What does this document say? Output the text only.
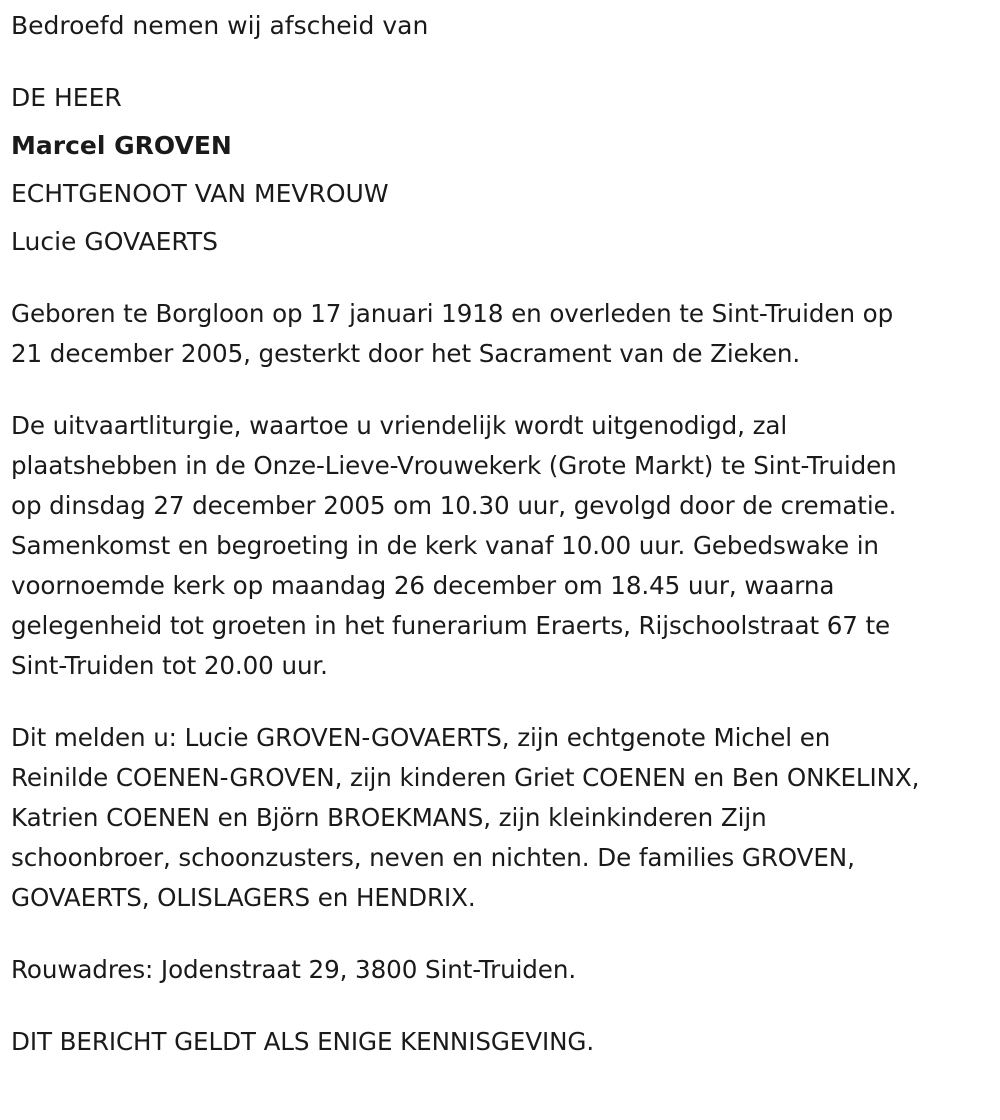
Bedroefd nemen wij afscheid van
DE HEER
Marcel GROVEN
ECHTGENOOT VAN MEVROUW
Lucie GOVAERTS
Geboren te Borgloon op 17 januari 1918 en overleden te Sint-Truiden op
21 december 2005, gesterkt door het Sacrament van de Zieken.
De uitvaartliturgie, waartoe u vriendelijk wordt uitgenodigd, zal
plaatshebben in de Onze-Lieve-Vrouwekerk (Grote Markt) te Sint-Truiden
op dinsdag 27 december 2005 om 10.30 uur, gevolgd door de crematie.
Samenkomst en begroeting in de kerk vanaf 10.00 uur. Gebedswake in
voornoemde kerk op maandag 26 december om 18.45 uur, waarna
gelegenheid tot groeten in het funerarium Eraerts, Rijschoolstraat 67 te
Sint-Truiden tot 20.00 uur.
Dit melden u: Lucie GROVEN-GOVAERTS, zijn echtgenote Michel en
Reinilde COENEN-GROVEN, zijn kinderen Griet COENEN en Ben ONKELINX,
Katrien COENEN en Björn BROEKMANS, zijn kleinkinderen Zijn
schoonbroer, schoonzusters, neven en nichten. De families GROVEN,
GOVAERTS, OLISLAGERS en HENDRIX.
Rouwadres: Jodenstraat 29, 3800 Sint-Truiden.
DIT BERICHT GELDT ALS ENIGE KENNISGEVING.
